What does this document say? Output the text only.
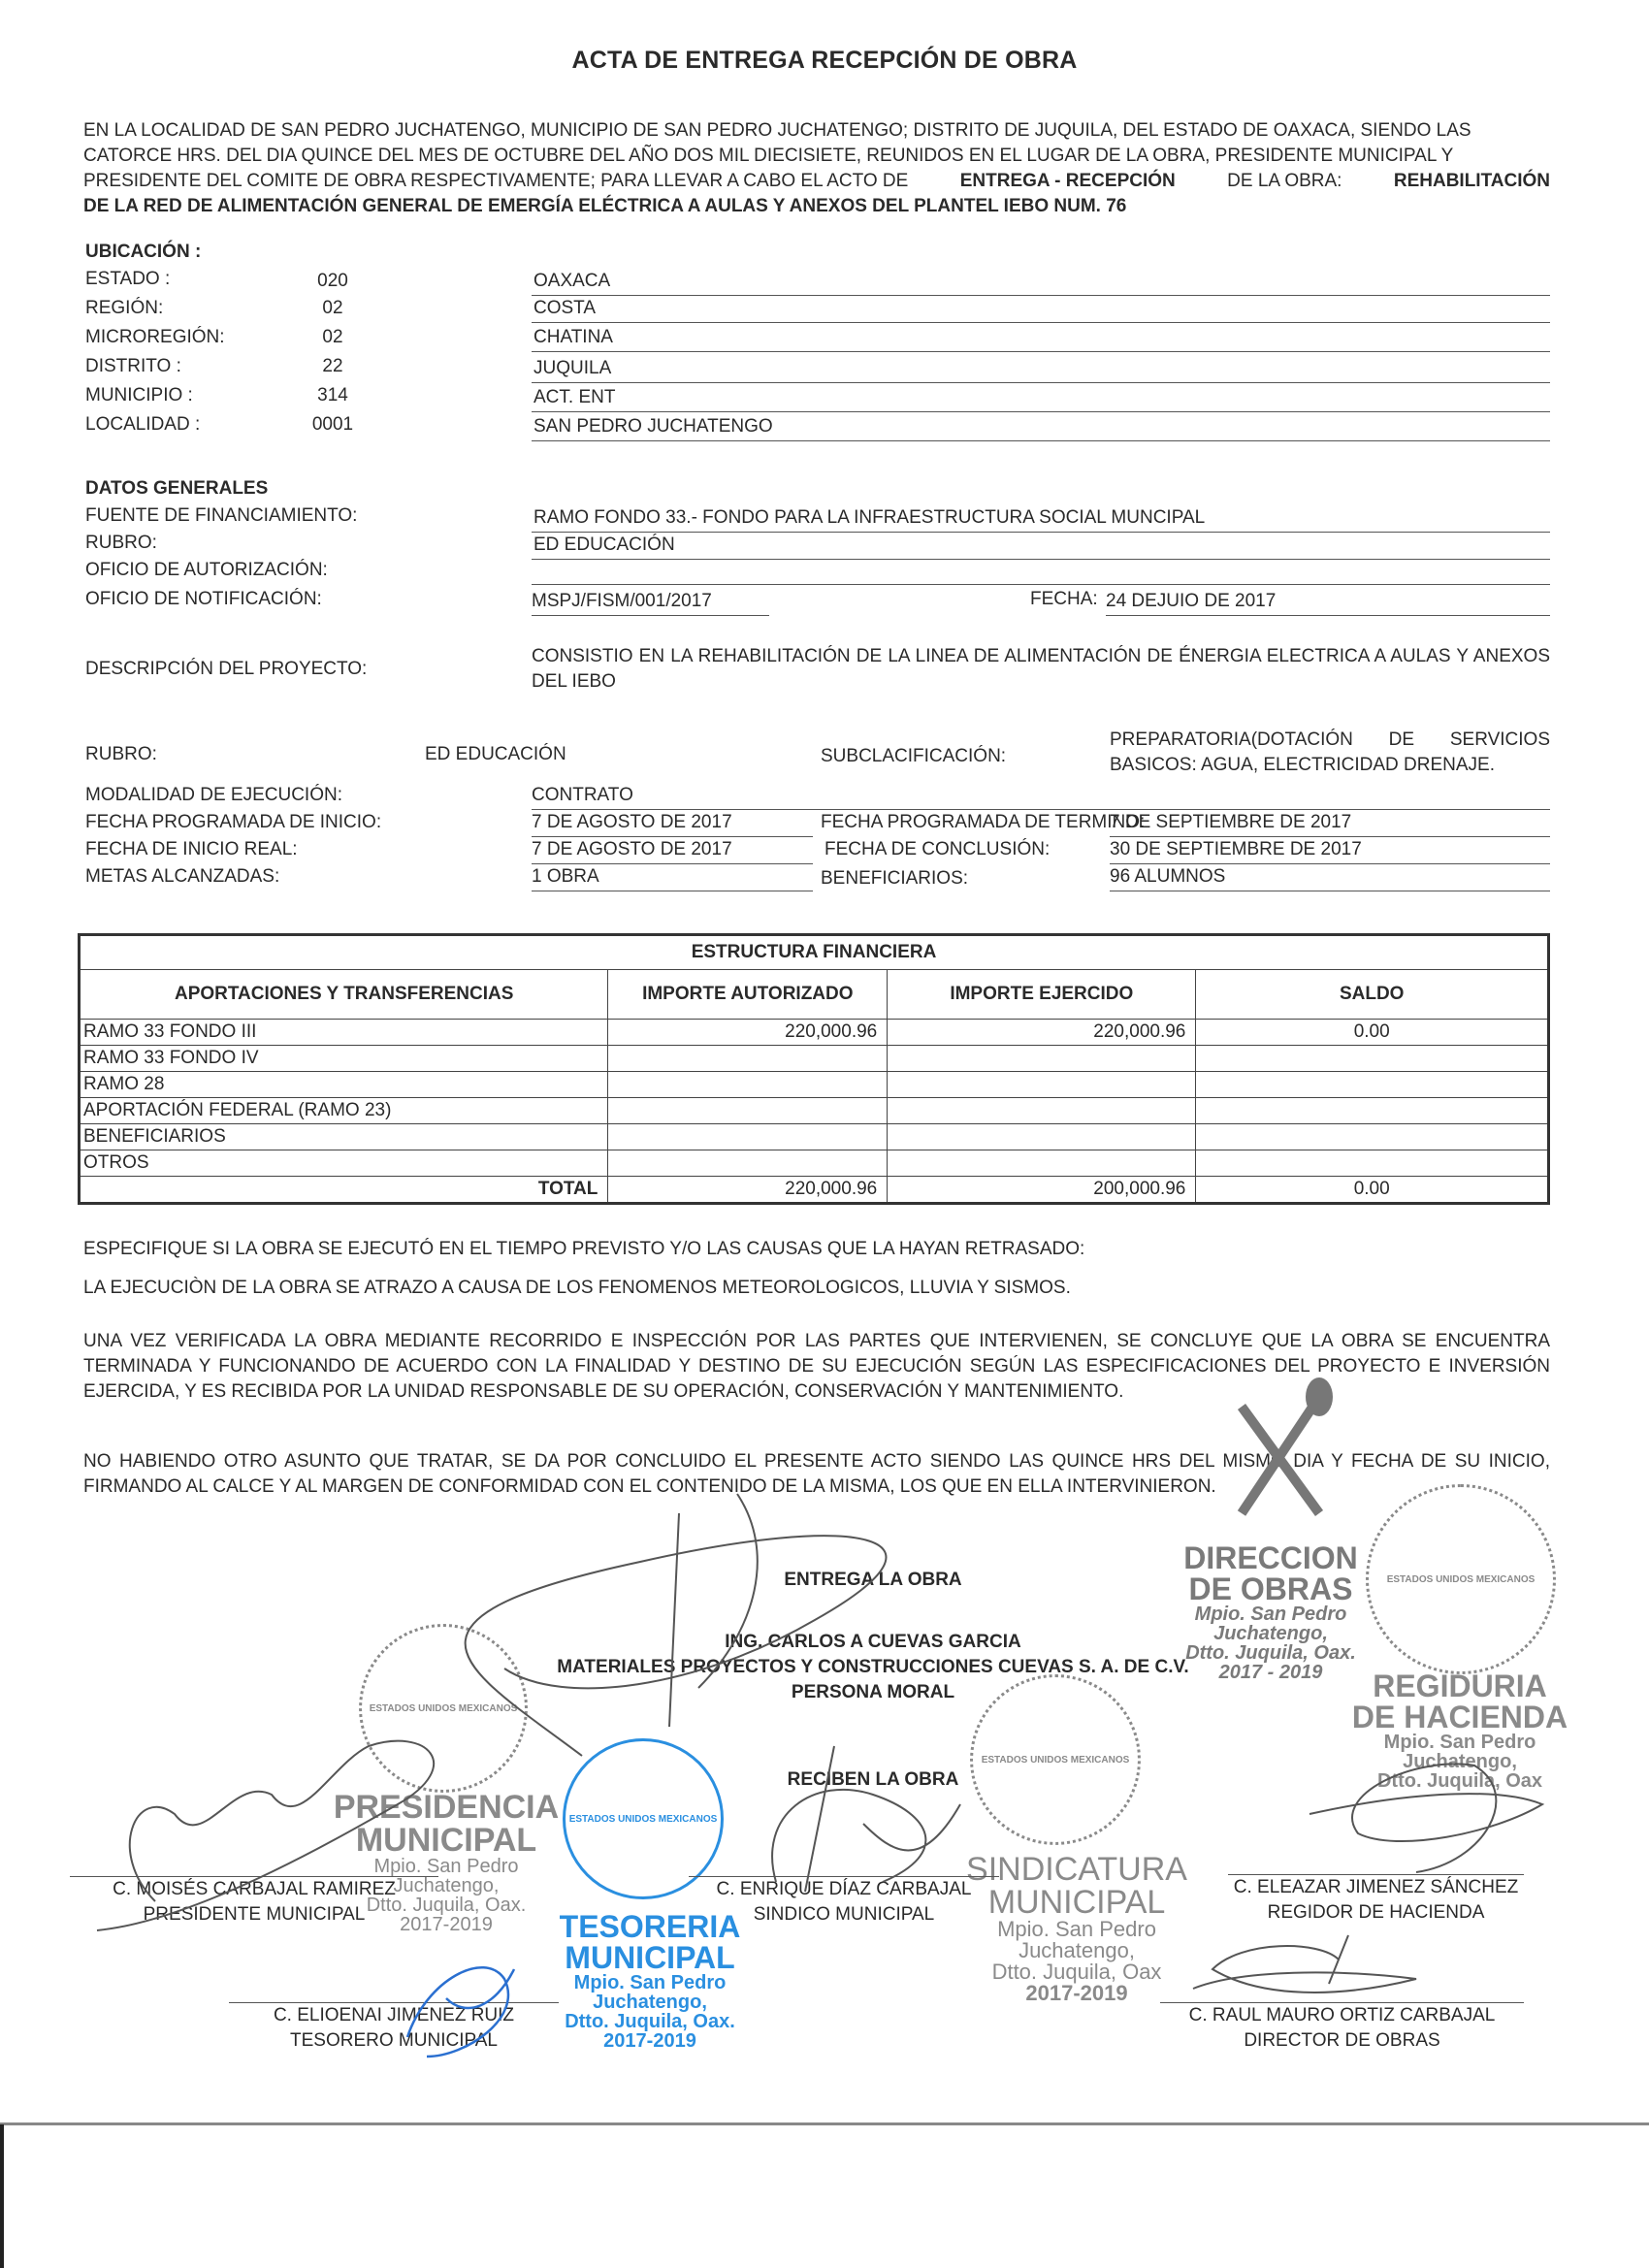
ACTA DE ENTREGA RECEPCIÓN DE OBRA
EN LA LOCALIDAD DE SAN PEDRO JUCHATENGO, MUNICIPIO DE SAN PEDRO JUCHATENGO; DISTRITO DE JUQUILA, DEL ESTADO DE OAXACA, SIENDO LAS
CATORCE HRS. DEL DIA QUINCE DEL MES DE OCTUBRE DEL AÑO DOS MIL DIECISIETE, REUNIDOS EN EL LUGAR DE LA OBRA, PRESIDENTE MUNICIPAL Y
PRESIDENTE DEL COMITE DE OBRA RESPECTIVAMENTE; PARA LLEVAR A CABO EL ACTO DE	ENTREGA - RECEPCIÓN	DE LA OBRA:	REHABILITACIÓN
DE LA RED DE ALIMENTACIÓN GENERAL DE EMERGÍA ELÉCTRICA A AULAS Y ANEXOS DEL PLANTEL IEBO NUM. 76
UBICACIÓN :
ESTADO :	020	OAXACA
REGIÓN:	02	COSTA
MICROREGIÓN:	02	CHATINA
DISTRITO :	22	JUQUILA
MUNICIPIO :	314	ACT. ENT
LOCALIDAD :	0001	SAN PEDRO JUCHATENGO
DATOS GENERALES
FUENTE DE FINANCIAMIENTO:	RAMO FONDO 33.- FONDO PARA LA INFRAESTRUCTURA SOCIAL MUNCIPAL
RUBRO:	ED EDUCACIÓN
OFICIO DE AUTORIZACIÓN:
OFICIO DE NOTIFICACIÓN:	MSPJ/FISM/001/2017	FECHA: 24 DEJUIO DE 2017
DESCRIPCIÓN DEL PROYECTO:
CONSISTIO EN LA REHABILITACIÓN DE LA LINEA DE ALIMENTACIÓN DE ÉNERGIA ELECTRICA A AULAS Y ANEXOS DEL IEBO
RUBRO:	ED EDUCACIÓN	SUBCLACIFICACIÓN:
PREPARATORIA(DOTACIÓN DE SERVICIOS BASICOS: AGUA, ELECTRICIDAD DRENAJE.
MODALIDAD DE EJECUCIÓN:	CONTRATO
FECHA PROGRAMADA DE INICIO:	7 DE AGOSTO DE 2017	FECHA PROGRAMADA DE TERMINO:
7 DE SEPTIEMBRE DE 2017
FECHA DE INICIO REAL:	7 DE AGOSTO DE 2017	FECHA DE CONCLUSIÓN:	30 DE SEPTIEMBRE DE 2017
METAS ALCANZADAS:	1 OBRA	BENEFICIARIOS:	96 ALUMNOS
ESTRUCTURA FINANCIERA			
APORTACIONES Y TRANSFERENCIAS	IMPORTE AUTORIZADO	IMPORTE EJERCIDO	SALDO
RAMO 33 FONDO III	220,000.96	220,000.96	0.00
RAMO 33 FONDO IV			
RAMO 28			
APORTACIÓN FEDERAL (RAMO 23)			
BENEFICIARIOS			
OTROS			
TOTAL	220,000.96	200,000.96	0.00
ESPECIFIQUE SI LA OBRA SE EJECUTÓ EN EL TIEMPO PREVISTO Y/O LAS CAUSAS QUE LA HAYAN RETRASADO:
LA EJECUCIÒN DE LA OBRA SE ATRAZO A CAUSA DE LOS FENOMENOS METEOROLOGICOS, LLUVIA Y SISMOS.
UNA VEZ VERIFICADA LA OBRA MEDIANTE RECORRIDO E INSPECCIÓN POR LAS PARTES QUE INTERVIENEN, SE CONCLUYE QUE LA OBRA SE ENCUENTRA TERMINADA Y FUNCIONANDO DE ACUERDO CON LA FINALIDAD Y DESTINO DE SU EJECUCIÓN SEGÚN LAS ESPECIFICACIONES DEL PROYECTO E INVERSIÓN EJERCIDA, Y ES RECIBIDA POR LA UNIDAD RESPONSABLE DE SU OPERACIÓN, CONSERVACIÓN Y MANTENIMIENTO.
NO HABIENDO OTRO ASUNTO QUE TRATAR, SE DA POR CONCLUIDO EL PRESENTE ACTO SIENDO LAS QUINCE HRS DEL MISMO DIA Y FECHA DE SU INICIO, FIRMANDO AL CALCE Y AL MARGEN DE CONFORMIDAD CON EL CONTENIDO DE LA MISMA, LOS QUE EN ELLA INTERVINIERON.
ESTADOS UNIDOS MEXICANOS
PRESIDENCIA
MUNICIPAL
Mpio. San Pedro
Juchatengo,
Dtto. Juquila, Oax.
2017-2019
ESTADOS UNIDOS MEXICANOS
TESORERIA
MUNICIPAL
Mpio. San Pedro
Juchatengo,
Dtto. Juquila, Oax.
2017-2019
ESTADOS UNIDOS MEXICANOS
SINDICATURA
MUNICIPAL
Mpio. San Pedro
Juchatengo,
Dtto. Juquila, Oax
2017-2019
DIRECCION
DE OBRAS
Mpio. San Pedro
Juchatengo,
Dtto. Juquila, Oax.
2017 - 2019
ESTADOS UNIDOS MEXICANOS
REGIDURIA
DE HACIENDA
Mpio. San Pedro
Juchatengo,
Dtto. Juquila, Oax
ENTREGA LA OBRA
ING. CARLOS A CUEVAS GARCIA
MATERIALES PROYECTOS Y CONSTRUCCIONES CUEVAS S. A. DE C.V.
PERSONA MORAL
RECIBEN LA OBRA
C. MOISÉS CARBAJAL RAMIREZ
PRESIDENTE MUNICIPAL
C. ENRIQUE DÍAZ CARBAJAL
SINDICO MUNICIPAL
C. ELEAZAR JIMENEZ SÁNCHEZ
REGIDOR DE HACIENDA
C. ELIOENAI JIMÉNEZ RUIZ
TESORERO MUNICIPAL
C. RAUL MAURO ORTIZ CARBAJAL
DIRECTOR DE OBRAS
